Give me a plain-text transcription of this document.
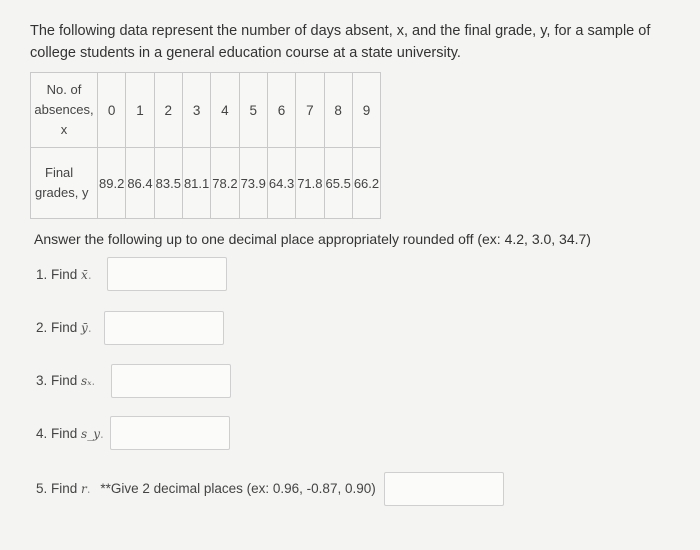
The following data represent the number of days absent, x, and the final grade, y, for a sample of college students in a general education course at a state university.
No. of
absences,
x	0	1	2	3	4	5	6	7	8	9

Final
grades, y	89.2	86.4	83.5	81.1	78.2	73.9	64.3	71.8	65.5	66.2
Answer the following up to one decimal place appropriately rounded off (ex: 4.2, 3.0, 34.7)
1. Find x̄.
2. Find ȳ.
3. Find sₓ.
4. Find s_y.
5. Find r. **Give 2 decimal places (ex: 0.96, -0.87, 0.90)
